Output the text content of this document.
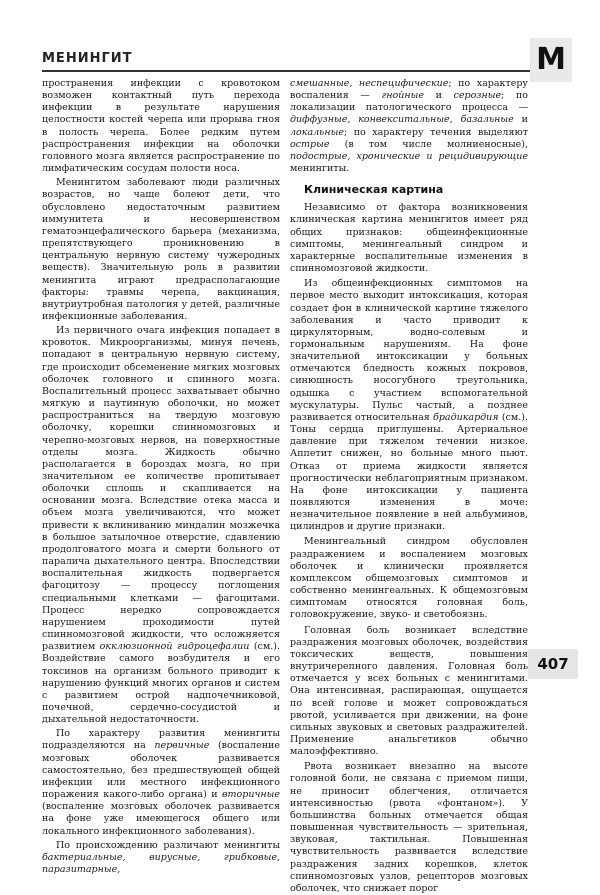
МЕНИНГИТ	М
407

пространения инфекции с кровотоком возможен контактный путь перехода инфекции в результате нарушения целостности костей черепа или прорыва гноя в полость черепа. Более редким путем распространения инфекции на оболочки головного мозга является распространение по лимфатическим сосудам полости носа.

Менингитом заболевают люди различных возрастов, но чаще болеют дети, что обусловлено недостаточным развитием иммунитета и несовершенством гематоэнцефалического барьера (механизма, препятствующего проникновению в центральную нервную систему чужеродных веществ). Значительную роль в развитии менингита играют предрасполагающие факторы: травмы черепа, вакцинация, внутриутробная патология у детей, различные инфекционные заболевания.

Из первичного очага инфекция попадает в кровоток. Микроорганизмы, минуя печень, попадают в центральную нервную систему, где происходит обсеменение мягких мозговых оболочек головного и спинного мозга. Воспалительный процесс захватывает обычно мягкую и паутинную оболочки, но может распространиться на твердую мозговую оболочку, корешки спинномозговых и черепно-мозговых нервов, на поверхностные отделы мозга. Жидкость обычно располагается в бороздах мозга, но при значительном ее количестве пропитывает оболочки сплошь и скапливается на основании мозга. Вследствие отека масса и объем мозга увеличиваются, что может привести к вклиниванию миндалин мозжечка в большое затылочное отверстие, сдавлению продолговатого мозга и смерти больного от паралича дыхательного центра. Впоследствии воспалительная жидкость подвергается фагоцитозу — процессу поглощения специальными клетками — фагоцитами. Процесс нередко сопровождается нарушением проходимости путей спинномозговой жидкости, что осложняется развитием окклюзионной гидроцефалии (см.). Воздействие самого возбудителя и его токсинов на организм больного приводит к нарушению функций многих органов и систем с развитием острой надпочечниковой, почечной, сердечно-сосудистой и дыхательной недостаточности.

По характеру развития менингиты подразделяются на первичные (воспаление мозговых оболочек развивается самостоятельно, без предшествующей общей инфекции или местного инфекционного поражения какого-либо органа) и вторичные (воспаление мозговых оболочек развивается на фоне уже имеющегося общего или локального инфекционного заболевания).

По происхождению различают менингиты бактериальные, вирусные, грибковые, паразитарные,

смешанные, неспецифические; по характеру воспаления — гнойные и серозные; по локализации патологического процесса — диффузные, конвекситальные, базальные и локальные; по характеру течения выделяют острые (в том числе молниеносные), подострые, хронические и рецидивирующие менингиты.

Клиническая картина

Независимо от фактора возникновения клиническая картина менингитов имеет ряд общих признаков: общеинфекционные симптомы, менингеальный синдром и характерные воспалительные изменения в спинномозговой жидкости.

Из общеинфекционных симптомов на первое место выходит интоксикация, которая создает фон в клинической картине тяжелого заболевания и часто приводит к циркуляторным, водно-солевым и гормональным нарушениям. На фоне значительной интоксикации у больных отмечаются бледность кожных покровов, синюшность носогубного треугольника, одышка с участием вспомогательной мускулатуры. Пульс частый, а позднее развивается относительная брадикардия (см.). Тоны сердца приглушены. Артериальное давление при тяжелом течении низкое. Аппетит снижен, но больные много пьют. Отказ от приема жидкости является прогностически неблагоприятным признаком. На фоне интоксикации у пациента появляются изменения в моче: незначительное появление в ней альбуминов, цилиндров и другие признаки.

Менингеальный синдром обусловлен раздражением и воспалением мозговых оболочек и клинически проявляется комплексом общемозговых симптомов и собственно менингеальных. К общемозговым симптомам относятся головная боль, головокружение, звуко- и светобоязнь.

Головная боль возникает вследствие раздражения мозговых оболочек, воздействия токсических веществ, повышения внутричерепного давления. Головная боль отмечается у всех больных с менингитами. Она интенсивная, распирающая, ощущается по всей голове и может сопровождаться рвотой, усиливается при движении, на фоне сильных звуковых и световых раздражителей. Применение анальгетиков обычно малоэффективно.

Рвота возникает внезапно на высоте головной боли, не связана с приемом пищи, не приносит облегчения, отличается интенсивностью (рвота «фонтаном»). У большинства больных отмечается общая повышенная чувствительность — зрительная, звуковая, тактильная. Повышенная чувствительность развивается вследствие раздражения задних корешков, клеток спинномозговых узлов, рецепторов мозговых оболочек, что снижает порог
